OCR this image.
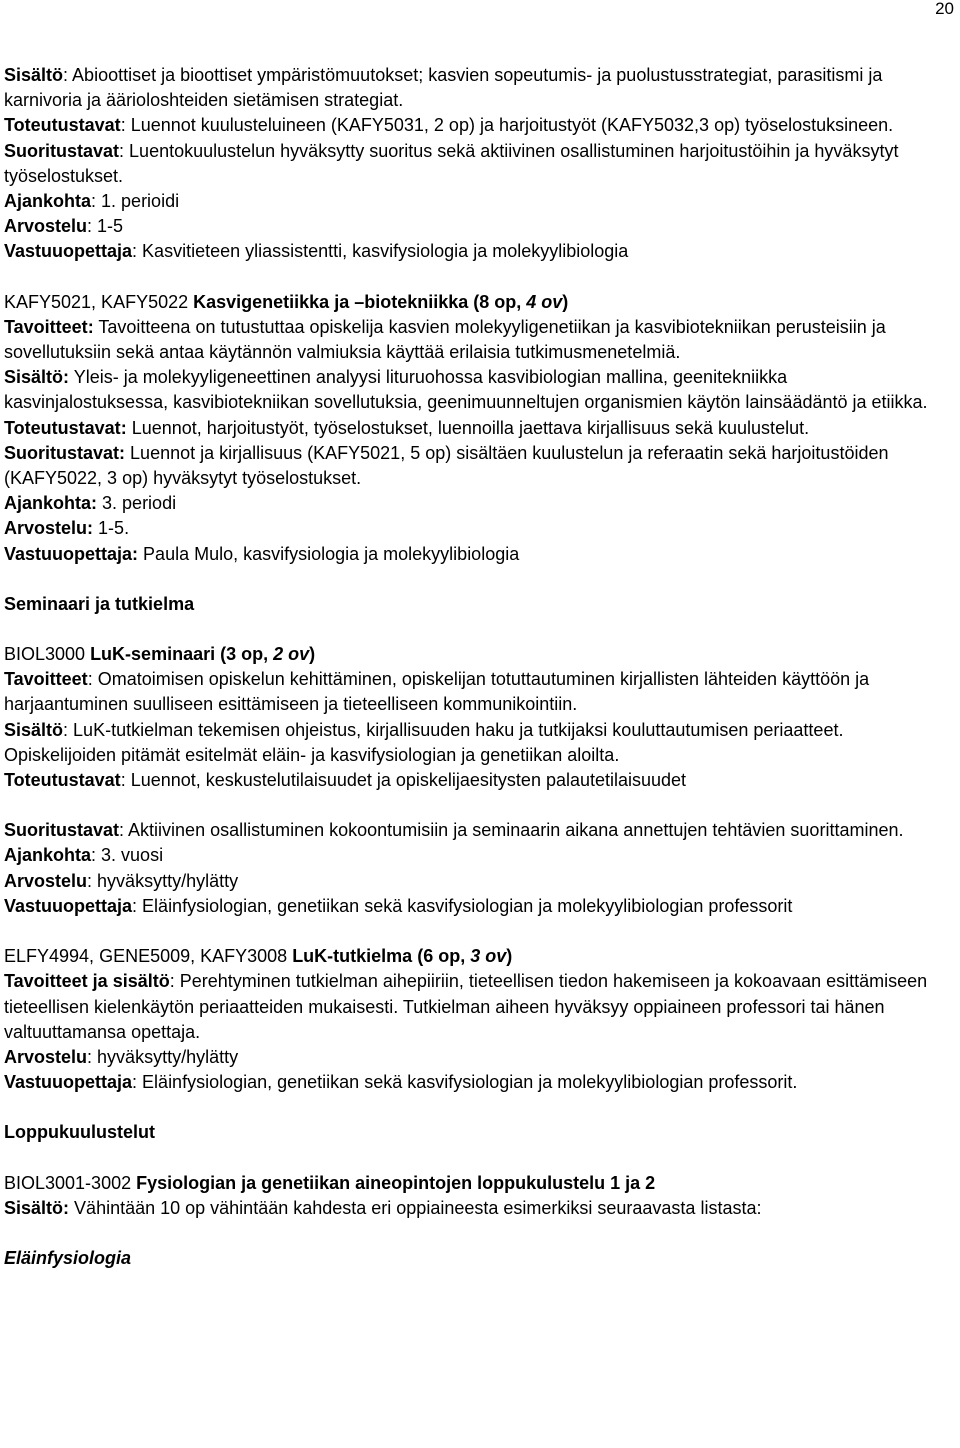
20

Sisältö: Abioottiset ja bioottiset ympäristömuutokset; kasvien sopeutumis- ja puolustusstrategiat, parasitismi ja karnivoria ja äärioloshteiden sietämisen strategiat.

Toteutustavat: Luennot kuulusteluineen (KAFY5031, 2 op) ja harjoitustyöt (KAFY5032,3 op) työselostuksineen.

Suoritustavat: Luentokuulustelun hyväksytty suoritus sekä aktiivinen osallistuminen harjoitustöihin ja hyväksytyt työselostukset.

Ajankohta: 1. perioidi

Arvostelu: 1-5

Vastuuopettaja: Kasvitieteen yliassistentti, kasvifysiologia ja molekyylibiologia

KAFY5021, KAFY5022 Kasvigenetiikka ja –biotekniikka (8 op, 4 ov)

Tavoitteet: Tavoitteena on tutustuttaa opiskelija kasvien molekyyligenetiikan ja kasvibiotekniikan perusteisiin ja sovellutuksiin sekä antaa käytännön valmiuksia käyttää erilaisia tutkimusmenetelmiä.

Sisältö: Yleis- ja molekyyligeneettinen analyysi lituruohossa kasvibiologian mallina, geenitekniikka kasvinjalostuksessa, kasvibiotekniikan sovellutuksia, geenimuunneltujen organismien käytön lainsäädäntö ja etiikka.

Toteutustavat: Luennot, harjoitustyöt, työselostukset, luennoilla jaettava kirjallisuus sekä kuulustelut.

Suoritustavat: Luennot ja kirjallisuus (KAFY5021, 5 op) sisältäen kuulustelun ja referaatin sekä harjoitustöiden (KAFY5022, 3 op) hyväksytyt työselostukset.

Ajankohta: 3. periodi

Arvostelu: 1-5.

Vastuuopettaja: Paula Mulo, kasvifysiologia ja molekyylibiologia

Seminaari ja tutkielma

BIOL3000 LuK-seminaari (3 op, 2 ov)

Tavoitteet: Omatoimisen opiskelun kehittäminen, opiskelijan totuttautuminen kirjallisten lähteiden käyttöön ja harjaantuminen suulliseen esittämiseen ja tieteelliseen kommunikointiin.

Sisältö: LuK-tutkielman tekemisen ohjeistus, kirjallisuuden haku ja tutkijaksi kouluttautumisen periaatteet. Opiskelijoiden pitämät esitelmät eläin- ja kasvifysiologian ja genetiikan aloilta.

Toteutustavat: Luennot, keskustelutilaisuudet ja opiskelijaesitysten palautetilaisuudet

Suoritustavat: Aktiivinen osallistuminen kokoontumisiin ja seminaarin aikana annettujen tehtävien suorittaminen.

Ajankohta: 3. vuosi

Arvostelu: hyväksytty/hylätty

Vastuuopettaja: Eläinfysiologian, genetiikan sekä kasvifysiologian ja molekyylibiologian professorit

ELFY4994, GENE5009, KAFY3008 LuK-tutkielma (6 op, 3 ov)

Tavoitteet ja sisältö: Perehtyminen tutkielman aihepiiriin, tieteellisen tiedon hakemiseen ja kokoavaan esittämiseen tieteellisen kielenkäytön periaatteiden mukaisesti. Tutkielman aiheen hyväksyy oppiaineen professori tai hänen valtuuttamansa opettaja.

Arvostelu: hyväksytty/hylätty

Vastuuopettaja: Eläinfysiologian, genetiikan sekä kasvifysiologian ja molekyylibiologian professorit.

Loppukuulustelut

BIOL3001-3002 Fysiologian ja genetiikan aineopintojen loppukulustelu 1 ja 2

Sisältö: Vähintään 10 op vähintään kahdesta eri oppiaineesta esimerkiksi seuraavasta listasta:

Eläinfysiologia
